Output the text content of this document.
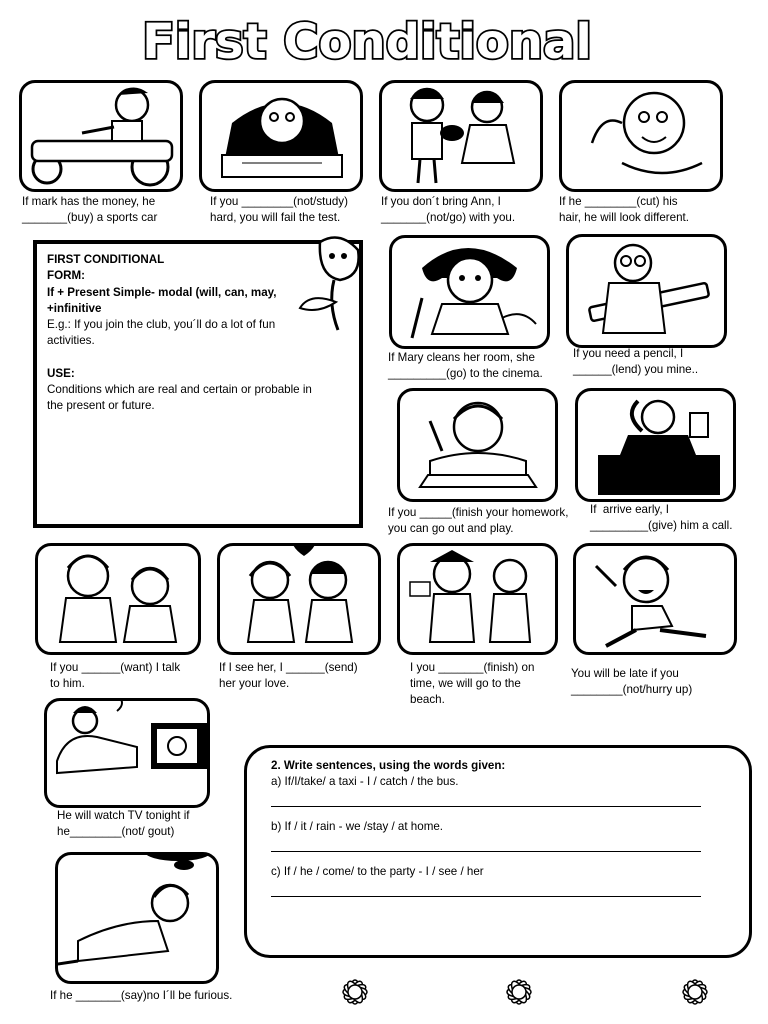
First Conditional
If mark has the money, he
_______(buy) a sports car
If you ________(not/study)
hard, you will fail the test.
If you don´t bring Ann, I
_______(not/go) with you.
If he ________(cut) his
hair, he will look different.
If Mary cleans her room, she
_________(go) to the cinema.
If you need a pencil, I
______(lend) you mine..
If you _____(finish your homework,
you can go out and play.
If  arrive early, I
_________(give) him a call.
If you ______(want) I talk
to him.
If I see her, I ______(send)
her your love.
I you _______(finish) on
time, we will go to the
beach.
You will be late if you
________(not/hurry up)
He will watch TV tonight if
he________(not/ gout)
If he _______(say)no I´ll be furious.
FIRST CONDITIONAL
FORM:
If + Present Simple- modal (will, can, may,
+infinitive
E.g.: If you join the club, you´ll do a lot of fun
activities.
USE:
Conditions which are real and certain or probable in
the present or future.
2. Write sentences, using the words given:
a) If/I/take/ a taxi - I / catch / the bus.
b) If / it / rain - we /stay / at home.
c) If / he / come/ to the party - I / see / her
